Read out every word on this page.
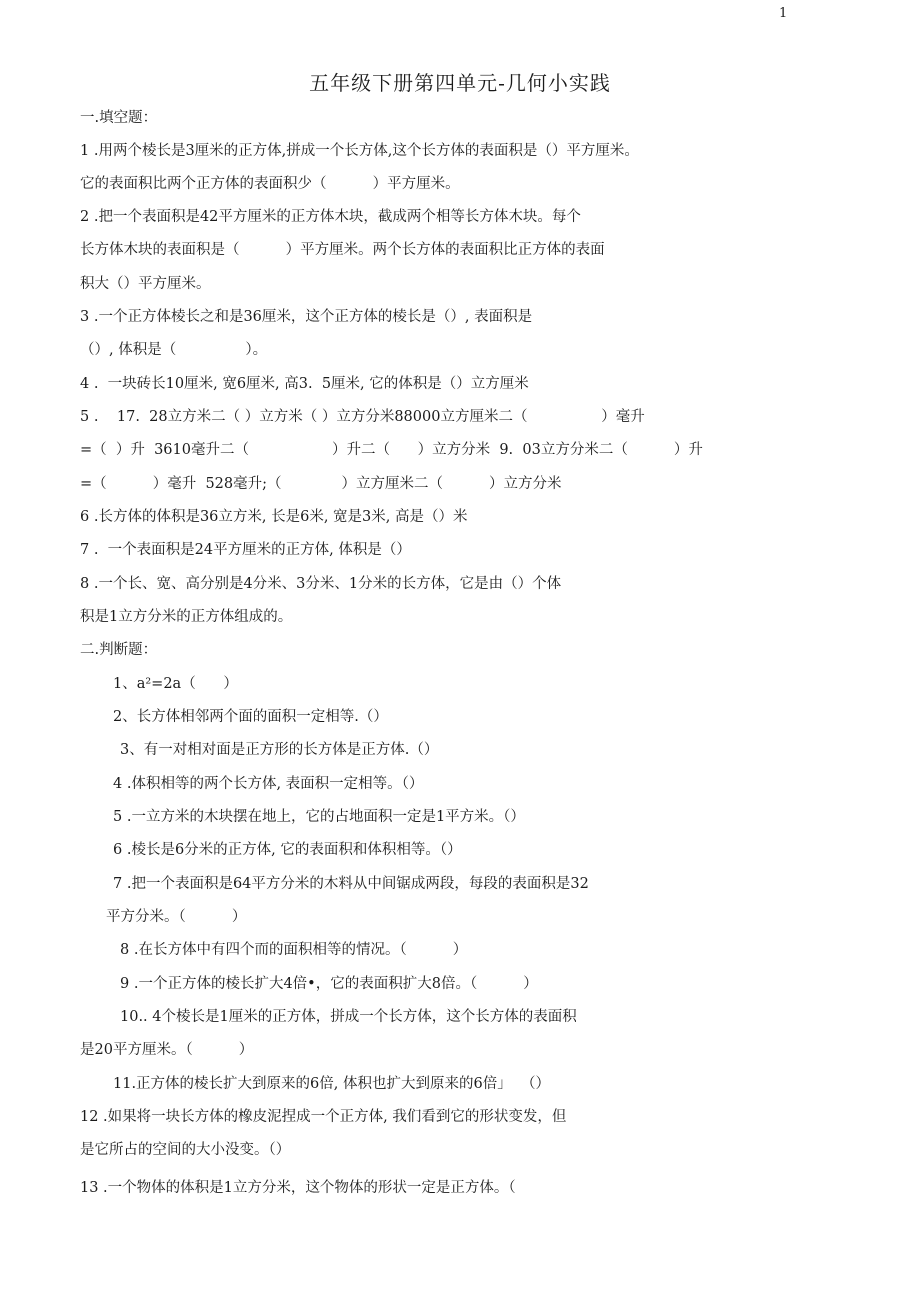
1
五年级下册第四单元-几何小实践
一.填空题：
1 .用两个棱长是3厘米的正方体,拼成一个长方体,这个长方体的表面积是（）平方厘米。
它的表面积比两个正方体的表面积少（          ）平方厘米。
2 .把一个表面积是42平方厘米的正方体木块，截成两个相等长方体木块。每个
长方体木块的表面积是（          ）平方厘米。两个长方体的表面积比正方体的表面
积大（）平方厘米。
3 .一个正方体棱长之和是36厘米，这个正方体的棱长是（）, 表面积是
（）, 体积是（               ）。
4 .  一块砖长10厘米, 宽6厘米, 高3.  5厘米, 它的体积是（）立方厘米
5 .    17.  28立方米二（ ）立方米（ ）立方分米88000立方厘米二（                ）毫升
=（  ）升  3610毫升二（                  ）升二（      ）立方分米  9.  03立方分米二（          ）升
=（          ）毫升  528毫升;（             ）立方厘米二（          ）立方分米
6 .长方体的体积是36立方米, 长是6米, 宽是3米, 高是（）米
7 .  一个表面积是24平方厘米的正方体, 体积是（）
8 .一个长、宽、高分别是4分米、3分米、1分米的长方体，它是由（）个体
积是1立方分米的正方体组成的。
二.判断题：
1、a²=2a（      ）
2、长方体相邻两个面的面积一定相等.（）
3、有一对相对面是正方形的长方体是正方体.（）
4 .体积相等的两个长方体, 表面积一定相等。（）
5 .一立方米的木块摆在地上，它的占地面积一定是1平方米。（）
6 .棱长是6分米的正方体, 它的表面积和体积相等。（）
7 .把一个表面积是64平方分米的木料从中间锯成两段，每段的表面积是32
平方分米。（          ）
8 .在长方体中有四个而的面积相等的情况。（          ）
9 .一个正方体的棱长扩大4倍•，它的表面积扩大8倍。（          ）
10.. 4个棱长是1厘米的正方体，拼成一个长方体，这个长方体的表面积
是20平方厘米。（          ）
11.正方体的棱长扩大到原来的6倍, 体积也扩大到原来的6倍」  （）
12 .如果将一块长方体的橡皮泥捏成一个正方体, 我们看到它的形状变发，但
是它所占的空间的大小没变。（）
13 .一个物体的体积是1立方分米，这个物体的形状一定是正方体。（
